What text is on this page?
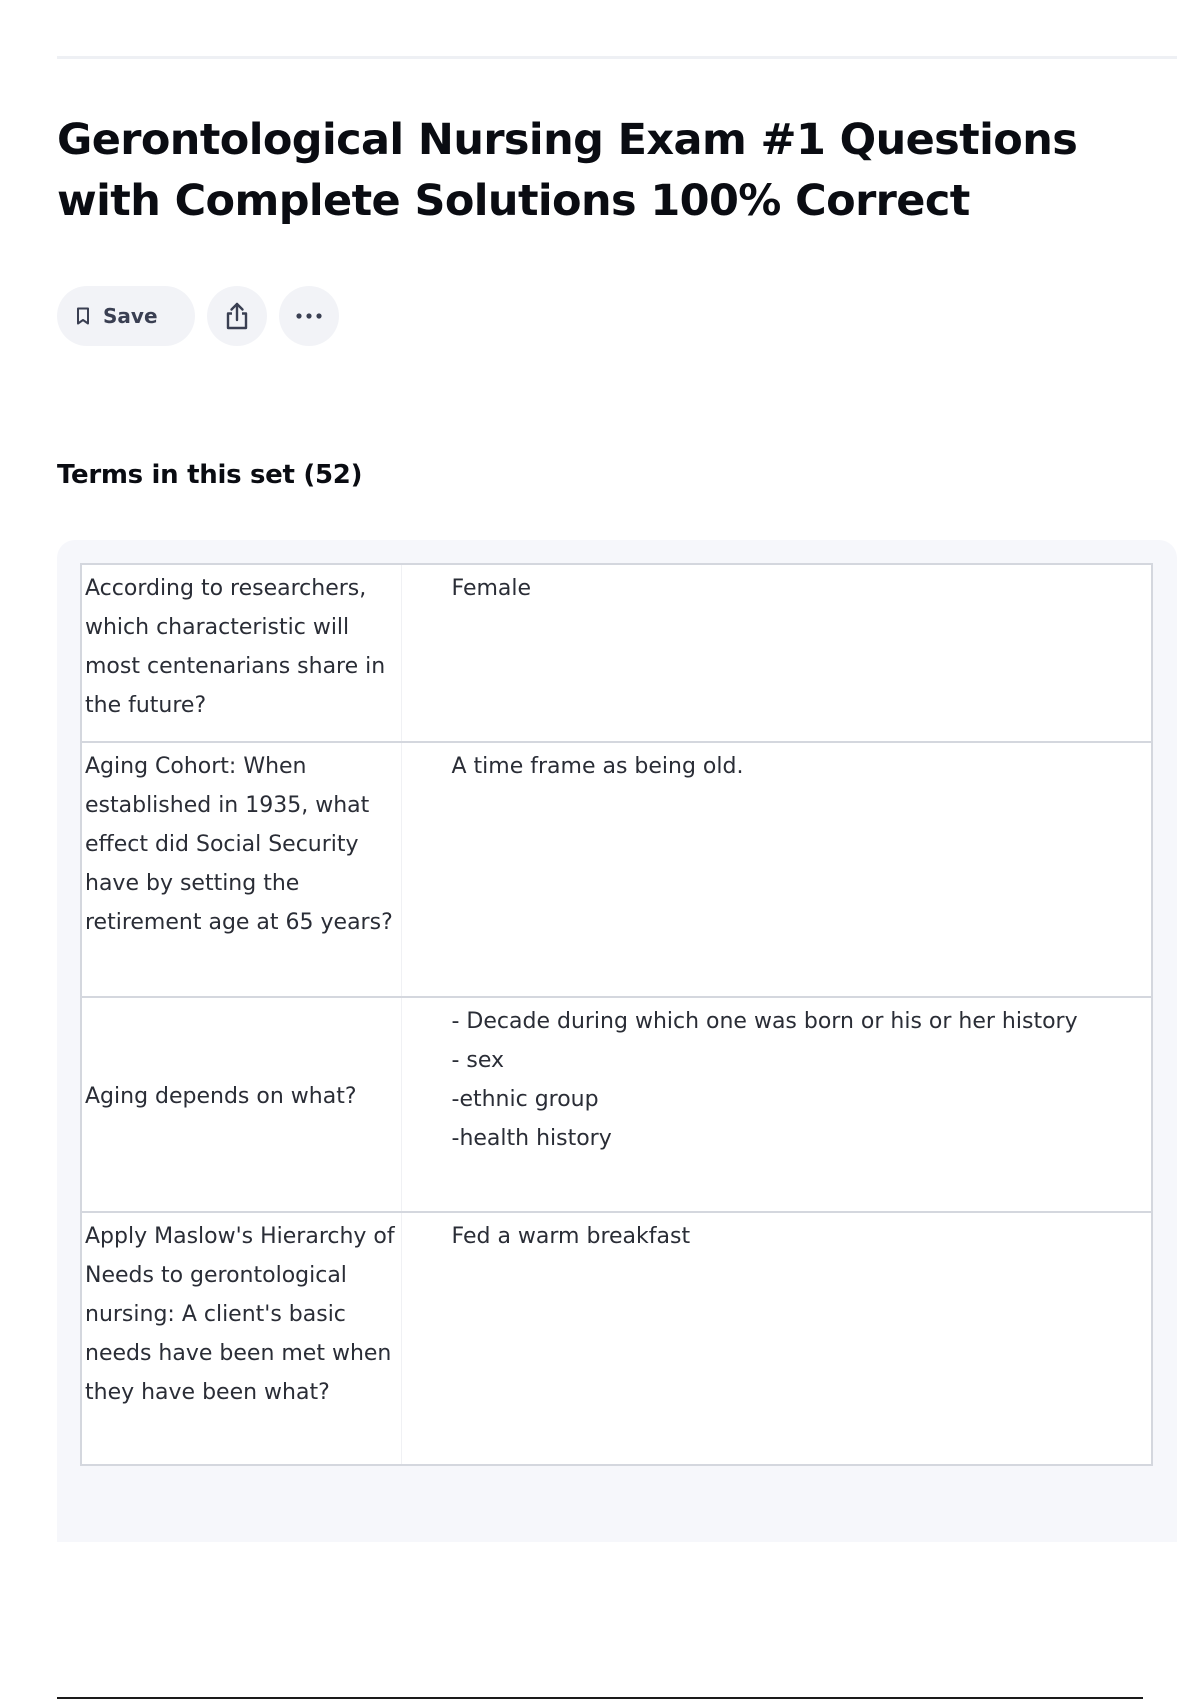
Gerontological Nursing Exam #1 Questions with Complete Solutions 100% Correct
Save
Terms in this set (52)
According to researchers, which characteristic will most centenarians share in the future?	Female
Aging Cohort: When established in 1935, what effect did Social Security have by setting the retirement age at 65 years?	A time frame as being old.
Aging depends on what?	- Decade during which one was born or his or her history
- sex
-ethnic group
-health history

Apply Maslow's Hierarchy of Needs to gerontological nursing: A client's basic needs have been met when they have been what?	Fed a warm breakfast
